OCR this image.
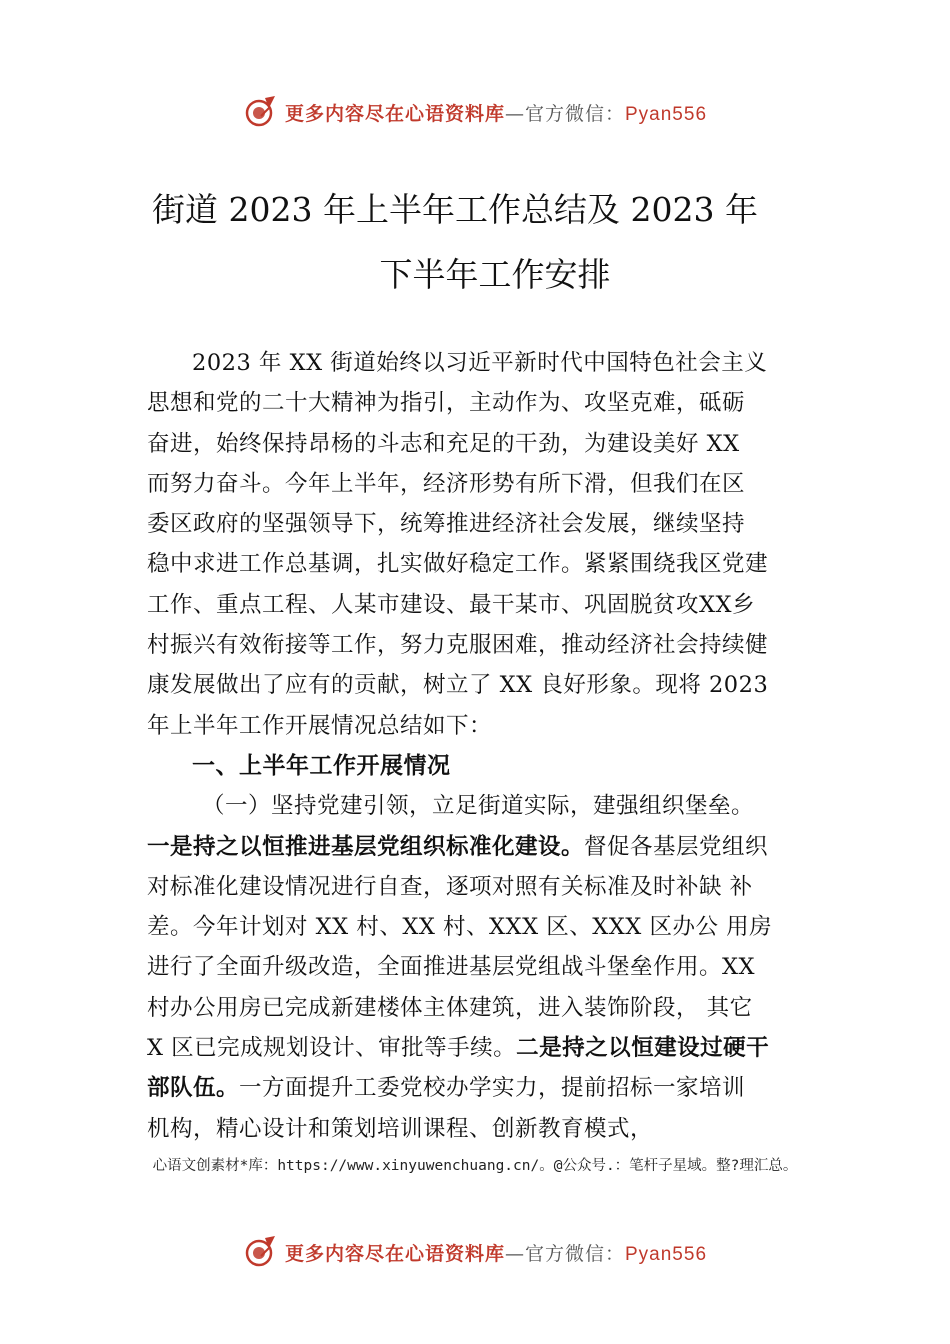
更多内容尽在心语资料库—官方微信：Pyan556
街道 2023 年上半年工作总结及 2023 年
下半年工作安排
2023 年 XX 街道始终以习近平新时代中国特色社会主义
思想和党的二十大精神为指引，主动作为、攻坚克难，砥砺
奋进，始终保持昂杨的斗志和充足的干劲，为建设美好 XX
而努力奋斗。今年上半年，经济形势有所下滑，但我们在区
委区政府的坚强领导下，统筹推进经济社会发展，继续坚持
稳中求进工作总基调，扎实做好稳定工作。紧紧围绕我区党建
工作、重点工程、人某市建设、最干某市、巩固脱贫攻XX乡
村振兴有效衔接等工作，努力克服困难，推动经济社会持续健
康发展做出了应有的贡献，树立了 XX 良好形象。现将 2023
年上半年工作开展情况总结如下：
一、上半年工作开展情况
（一）坚持党建引领，立足街道实际，建强组织堡垒。
一是持之以恒推进基层党组织标准化建设。督促各基层党组织
对标准化建设情况进行自查，逐项对照有关标准及时补缺 补
差。今年计划对 XX 村、XX 村、XXX 区、XXX 区办公 用房
进行了全面升级改造，全面推进基层党组战斗堡垒作用。XX
村办公用房已完成新建楼体主体建筑，进入装饰阶段， 其它
X 区已完成规划设计、审批等手续。二是持之以恒建设过硬干
部队伍。一方面提升工委党校办学实力，提前招标一家培训
机构，精心设计和策划培训课程、创新教育模式，
心语文创素材*库：https://www.xinyuwenchuang.cn/。@公众号.：笔杆子星域。整?理汇总。
更多内容尽在心语资料库—官方微信：Pyan556
